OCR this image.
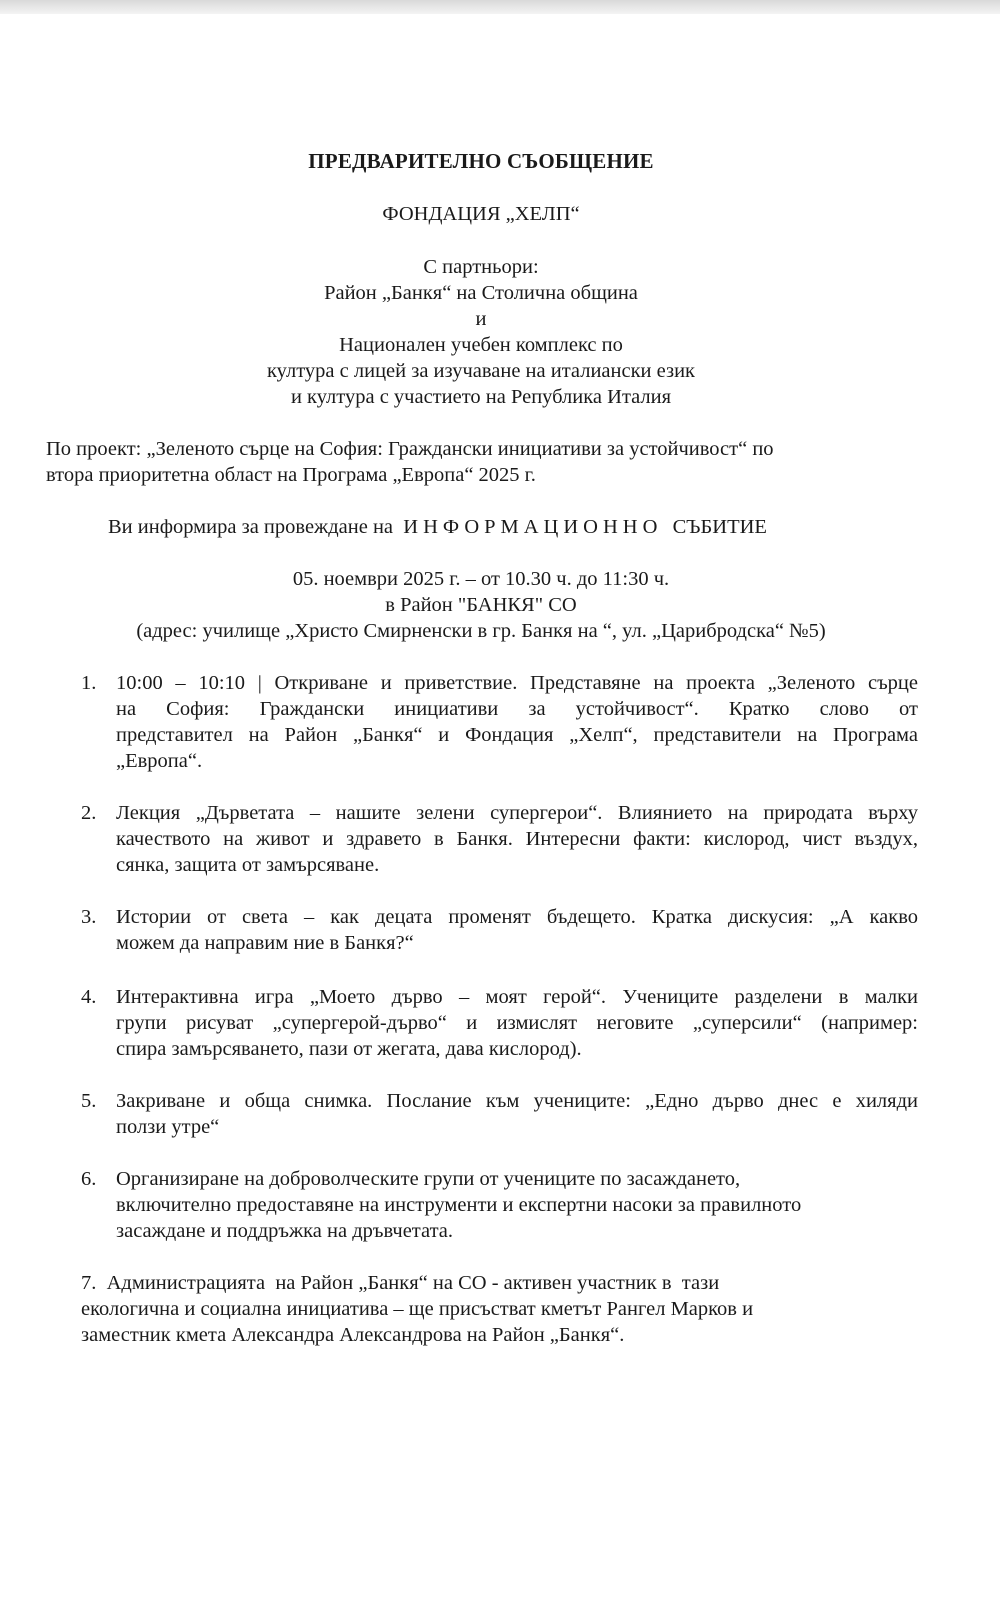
ПРЕДВАРИТЕЛНО СЪОБЩЕНИЕ
ФОНДАЦИЯ „ХЕЛП“
С партньори:
Район „Банкя“ на Столична община
и
Национален учебен комплекс по
култура с лицей за изучаване на италиански език
и култура с участието на Република Италия
По проект: „Зеленото сърце на София: Граждански инициативи за устойчивост“ по
втора приоритетна област на Програма „Европа“ 2025 г.
Ви информира за провеждане на ИНФОРМАЦИОННО СЪБИТИЕ
05. ноември 2025 г. – от 10.30 ч. до 11:30 ч.
в Район "БАНКЯ" СО
(адрес: училище „Христо Смирненски в гр. Банкя на “, ул. „Царибродска“ №5)
1. 10:00 – 10:10 | Откриване и приветствие. Представяне на проекта „Зеленото сърце
на София: Граждански инициативи за устойчивост“. Кратко слово от
представител на Район „Банкя“ и Фондация „Хелп“, представители на Програма
„Европа“.
2. Лекция „Дърветата – нашите зелени супергерои“. Влиянието на природата върху
качеството на живот и здравето в Банкя. Интересни факти: кислород, чист въздух,
сянка, защита от замърсяване.
3. Истории от света – как децата променят бъдещето. Кратка дискусия: „А какво
можем да направим ние в Банкя?“
4. Интерактивна игра „Моето дърво – моят герой“. Учениците разделени в малки
групи рисуват „супергерой-дърво“ и измислят неговите „суперсили“ (например:
спира замърсяването, пази от жегата, дава кислород).
5. Закриване и обща снимка. Послание към учениците: „Едно дърво днес е хиляди
ползи утре“
6. Организиране на доброволческите групи от учениците по засаждането,
включително предоставяне на инструменти и експертни насоки за правилното
засаждане и поддръжка на дръвчетата.
7.  Администрацията  на Район „Банкя“ на СО - активен участник в  тази
екологична и социална инициатива – ще присъстват кметът Рангел Марков и
заместник кмета Александра Александрова на Район „Банкя“.
